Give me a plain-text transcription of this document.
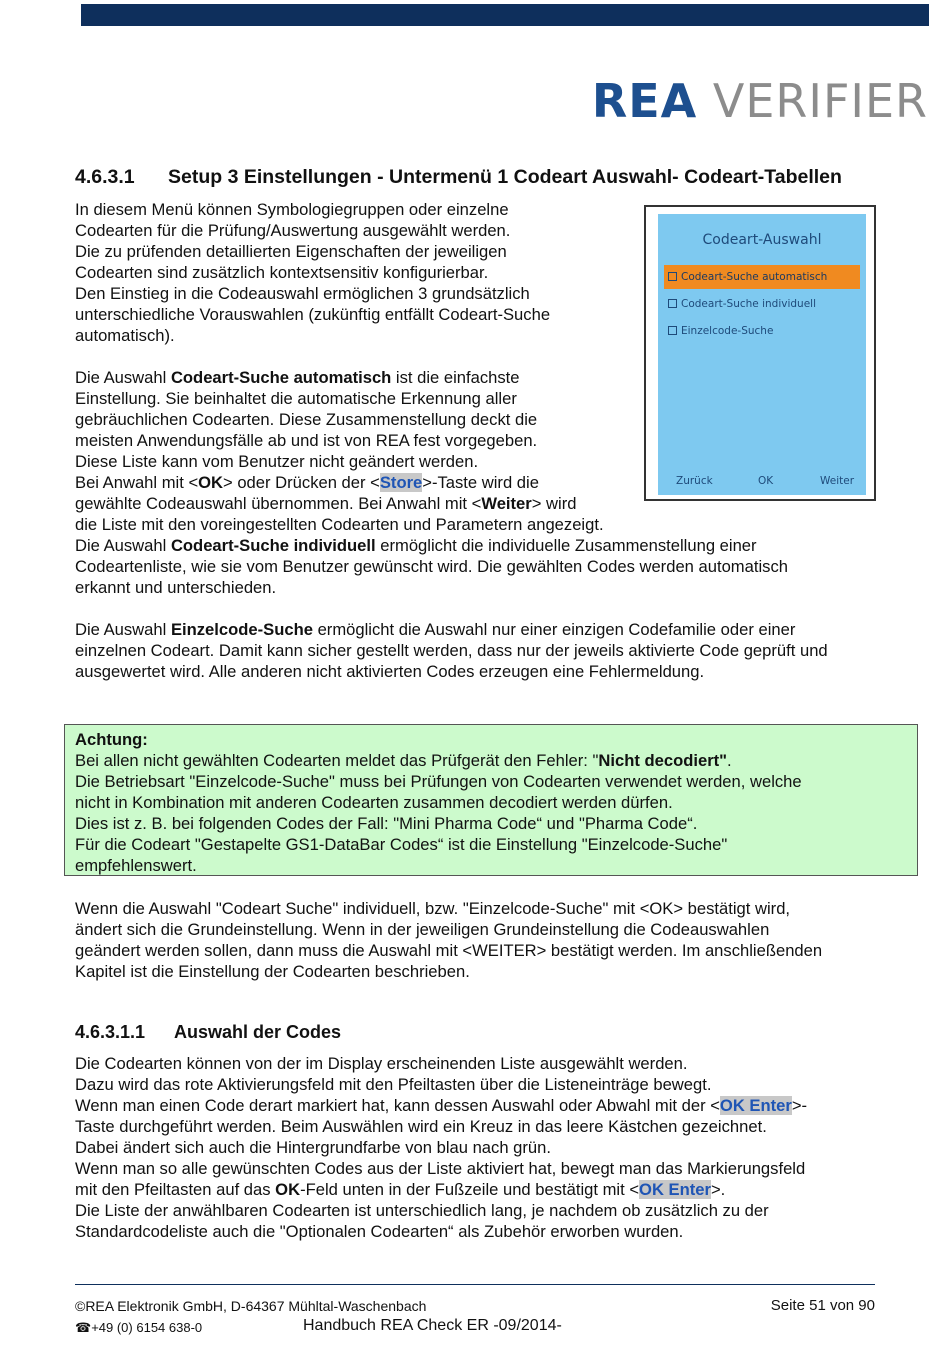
REA VERIFIER
4.6.3.1 Setup 3 Einstellungen - Untermenü 1 Codeart Auswahl- Codeart-Tabellen

In diesem Menü können Symbologiegruppen oder einzelne
Codearten für die Prüfung/Auswertung ausgewählt werden.
Die zu prüfenden detaillierten Eigenschaften der jeweiligen
Codearten sind zusätzlich kontextsensitiv konfigurierbar.
Den Einstieg in die Codeauswahl ermöglichen 3 grundsätzlich
unterschiedliche Vorauswahlen (zukünftig entfällt Codeart-Suche
automatisch).

Die Auswahl Codeart-Suche automatisch ist die einfachste
Einstellung. Sie beinhaltet die automatische Erkennung aller
gebräuchlichen Codearten. Diese Zusammenstellung deckt die
meisten Anwendungsfälle ab und ist von REA fest vorgegeben.
Diese Liste kann vom Benutzer nicht geändert werden.
Bei Anwahl mit <OK> oder Drücken der <Store>-Taste wird die
gewählte Codeauswahl übernommen. Bei Anwahl mit <Weiter> wird
die Liste mit den voreingestellten Codearten und Parametern angezeigt.
Die Auswahl Codeart-Suche individuell ermöglicht die individuelle Zusammenstellung einer
Codeartenliste, wie sie vom Benutzer gewünscht wird. Die gewählten Codes werden automatisch
erkannt und unterschieden.

Codeart-Auswahl
Codeart-Suche automatisch
Codeart-Suche individuell
Einzelcode-Suche
Zurück	OK	Weiter

Die Auswahl Einzelcode-Suche ermöglicht die Auswahl nur einer einzigen Codefamilie oder einer
einzelnen Codeart. Damit kann sicher gestellt werden, dass nur der jeweils aktivierte Code geprüft und
ausgewertet wird. Alle anderen nicht aktivierten Codes erzeugen eine Fehlermeldung.

Achtung:
Bei allen nicht gewählten Codearten meldet das Prüfgerät den Fehler: "Nicht decodiert".
Die Betriebsart "Einzelcode-Suche" muss bei Prüfungen von Codearten verwendet werden, welche
nicht in Kombination mit anderen Codearten zusammen decodiert werden dürfen.
Dies ist z. B. bei folgenden Codes der Fall: "Mini Pharma Code“ und "Pharma Code“.
Für die Codeart "Gestapelte GS1-DataBar Codes“ ist die Einstellung "Einzelcode-Suche"
empfehlenswert.

Wenn die Auswahl "Codeart Suche" individuell, bzw. "Einzelcode-Suche" mit <OK> bestätigt wird,
ändert sich die Grundeinstellung. Wenn in der jeweiligen Grundeinstellung die Codeauswahlen
geändert werden sollen, dann muss die Auswahl mit <WEITER> bestätigt werden. Im anschließenden
Kapitel ist die Einstellung der Codearten beschrieben.

4.6.3.1.1 Auswahl der Codes

Die Codearten können von der im Display erscheinenden Liste ausgewählt werden.
Dazu wird das rote Aktivierungsfeld mit den Pfeiltasten über die Listeneinträge bewegt.
Wenn man einen Code derart markiert hat, kann dessen Auswahl oder Abwahl mit der <OK Enter>-
Taste durchgeführt werden. Beim Auswählen wird ein Kreuz in das leere Kästchen gezeichnet.
Dabei ändert sich auch die Hintergrundfarbe von blau nach grün.
Wenn man so alle gewünschten Codes aus der Liste aktiviert hat, bewegt man das Markierungsfeld
mit den Pfeiltasten auf das OK-Feld unten in der Fußzeile und bestätigt mit <OK Enter>.
Die Liste der anwählbaren Codearten ist unterschiedlich lang, je nachdem ob zusätzlich zu der
Standardcodeliste auch die "Optionalen Codearten“ als Zubehör erworben wurden.

©REA Elektronik GmbH, D-64367 Mühltal-Waschenbach
☎+49 (0) 6154 638-0	Handbuch REA Check ER -09/2014-
Seite 51 von 90
